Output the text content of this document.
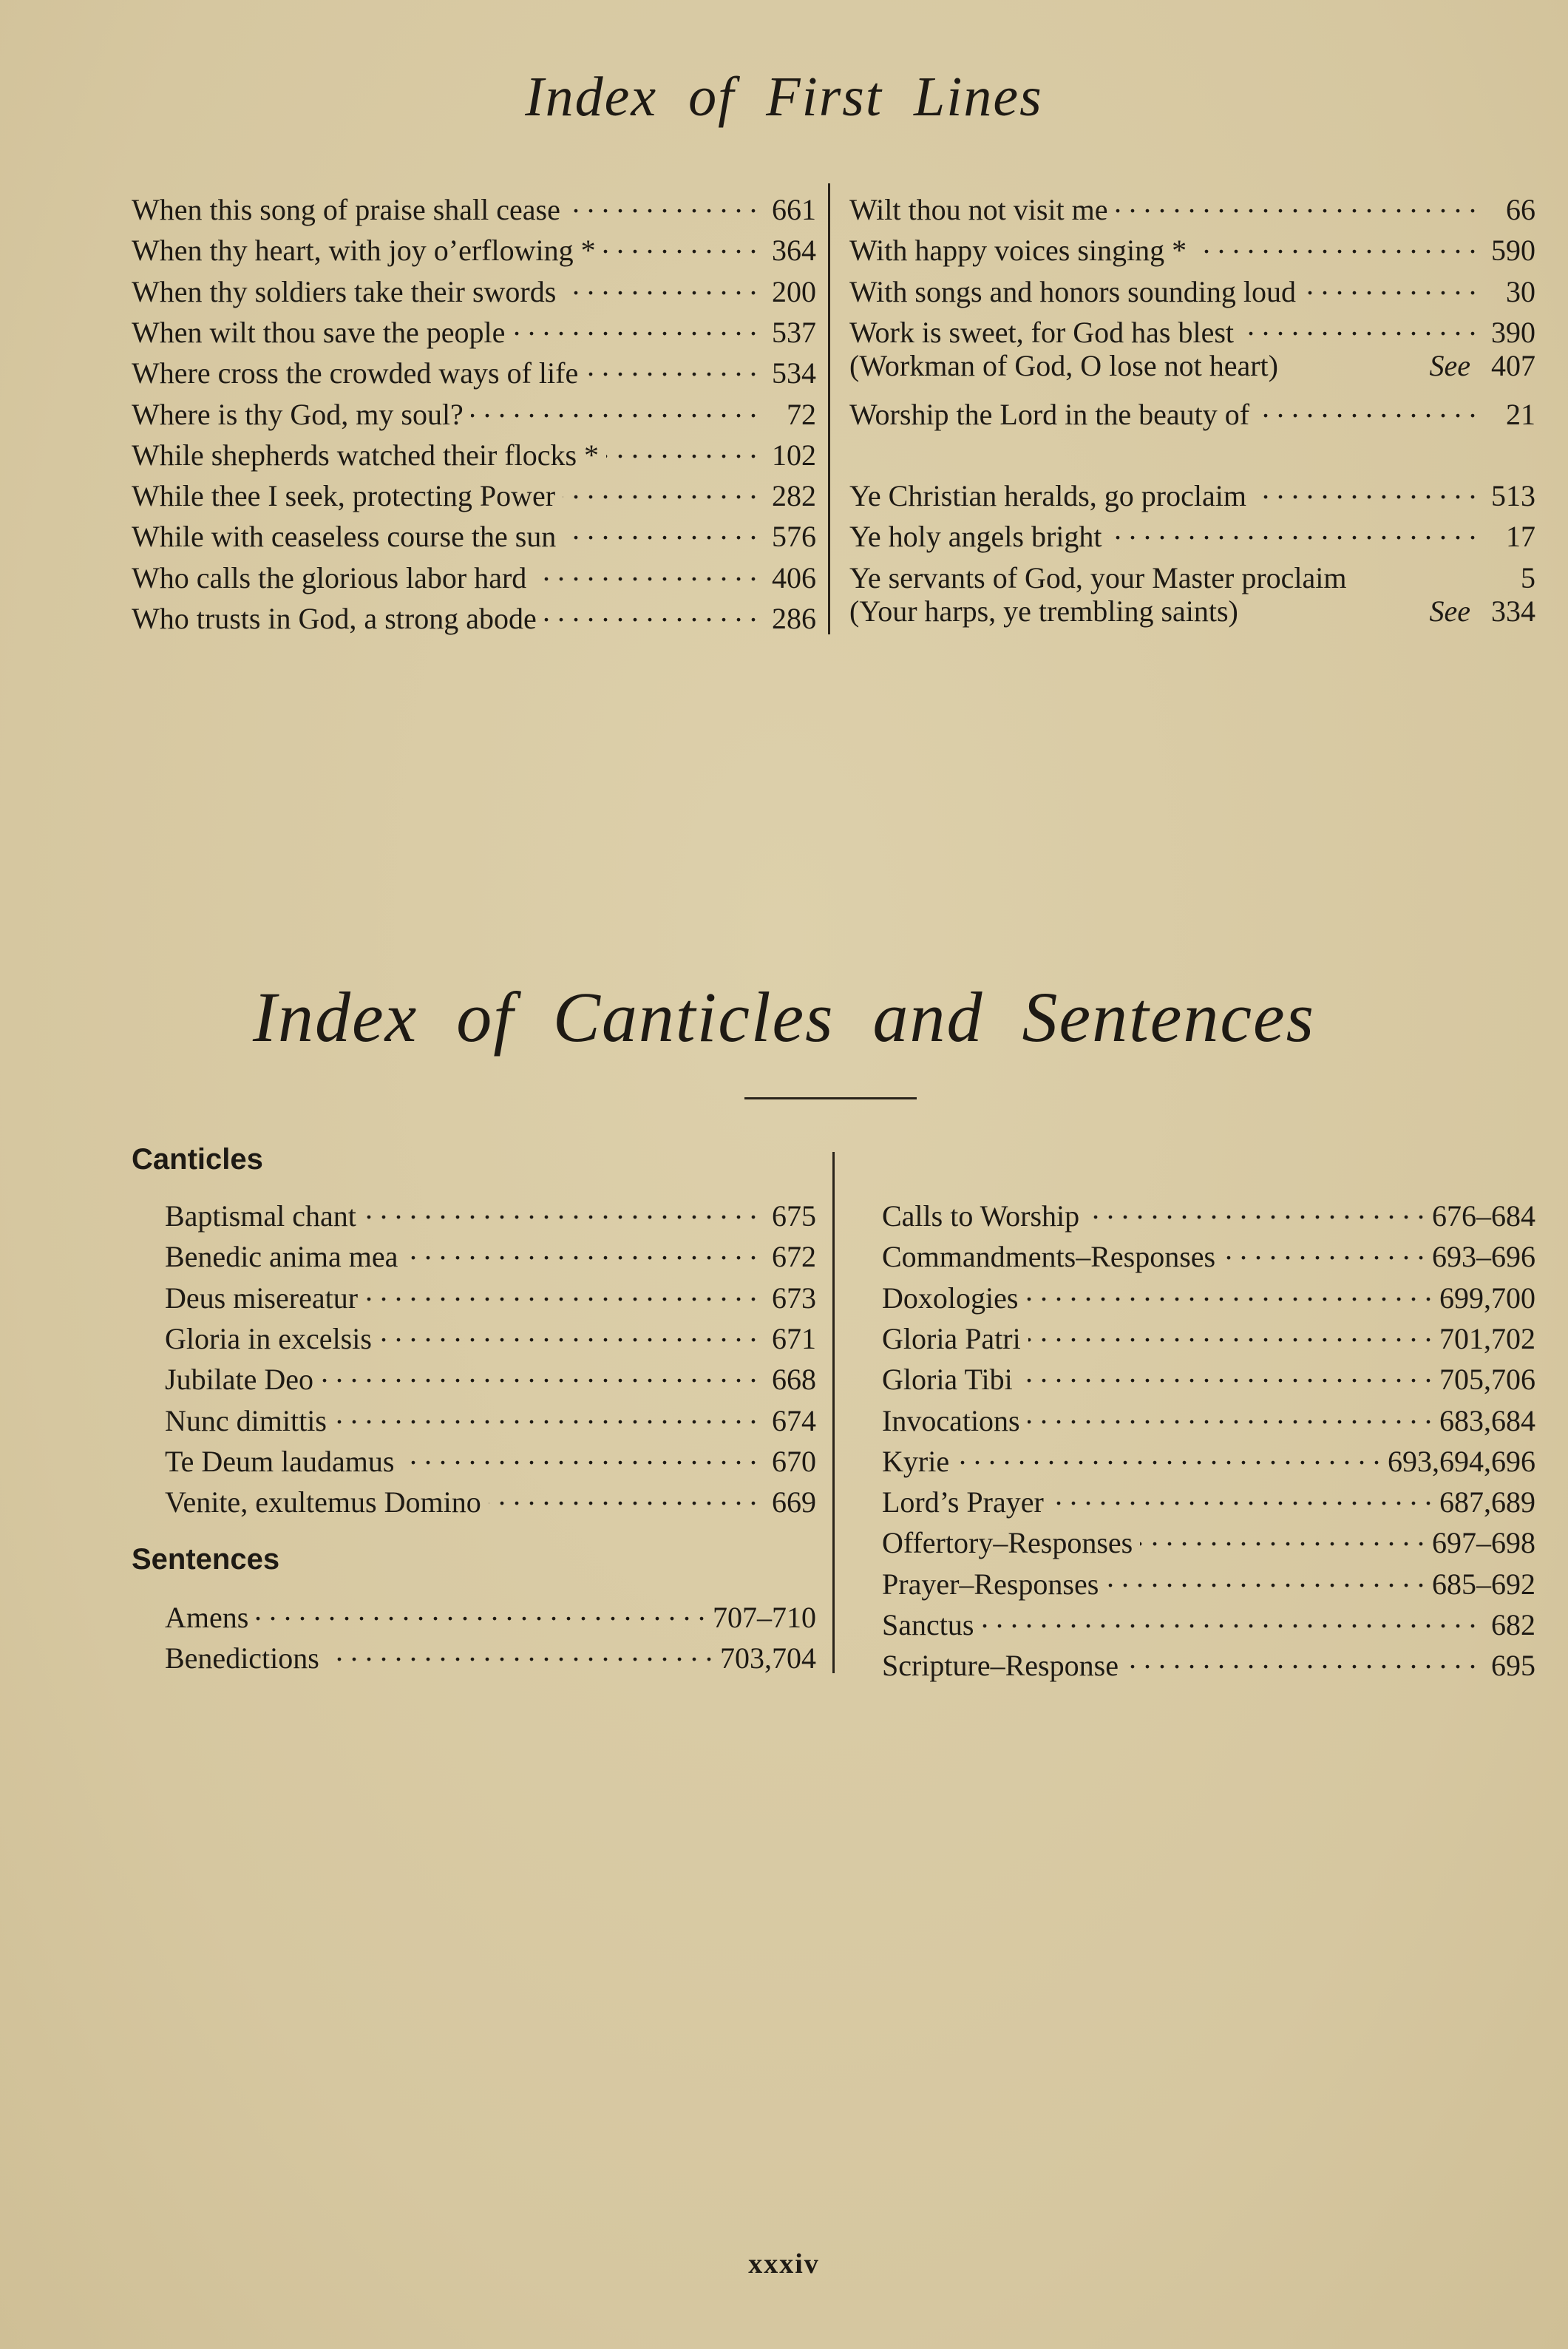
Index  of  First  Lines
When this song of praise shall cease . . .	661
When thy heart, with joy o’erflowing * . . .	364
When thy soldiers take their swords . . .	200
When wilt thou save the people . . .	537
Where cross the crowded ways of life . . .	534
Where is thy God, my soul? . . .	72
While shepherds watched their flocks * . . .	102
While thee I seek, protecting Power . . .	282
While with ceaseless course the sun . . .	576
Who calls the glorious labor hard . . .	406
Who trusts in God, a strong abode . . .	286
Wilt thou not visit me . . .	66
With happy voices singing * . . .	590
With songs and honors sounding loud . . .	30
Work is sweet, for God has blest . . .	390
(Workman of God, O lose not heart)	See 407
Worship the Lord in the beauty of . . .	21
Ye Christian heralds, go proclaim . . .	513
Ye holy angels bright . . .	17
Ye servants of God, your Master proclaim	5
(Your harps, ye trembling saints)	See 334
Index  of  Canticles  and  Sentences
Canticles
Baptismal chant . . .	675
Benedic anima mea . . .	672
Deus misereatur . . .	673
Gloria in excelsis . . .	671
Jubilate Deo . . .	668
Nunc dimittis . . .	674
Te Deum laudamus . . .	670
Venite, exultemus Domino . . .	669
Sentences
Amens . . .	707–710
Benedictions . . .	703,704
Calls to Worship . . .	676–684
Commandments–Responses . . .	693–696
Doxologies . . .	699,700
Gloria Patri . . .	701,702
Gloria Tibi . . .	705,706
Invocations . . .	683,684
Kyrie . . .	693,694,696
Lord’s Prayer . . .	687,689
Offertory–Responses . . .	697–698
Prayer–Responses . . .	685–692
Sanctus . . .	682
Scripture–Response . . .	695
xxxiv
